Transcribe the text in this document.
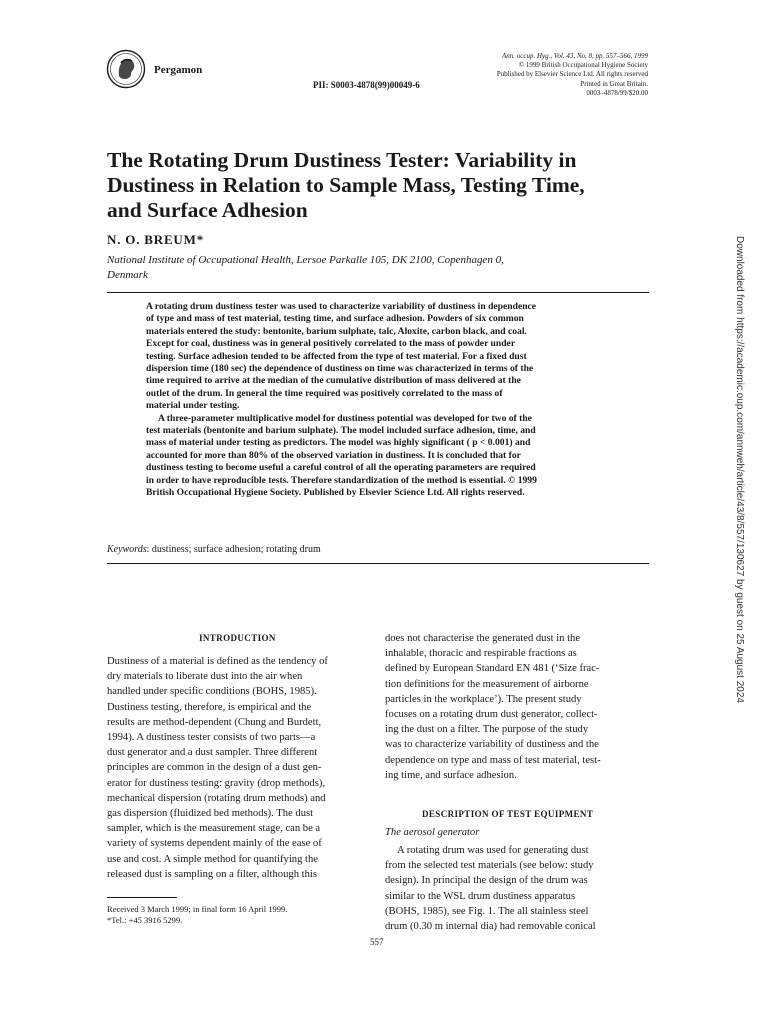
Pergamon
PII: S0003-4878(99)00049-6
Ann. occup. Hyg., Vol. 43, No. 8, pp. 557–566, 1999
© 1999 British Occupational Hygiene Society
Published by Elsevier Science Ltd. All rights reserved
Printed in Great Britain.
0003–4878/99/$20.00
The Rotating Drum Dustiness Tester: Variability in
Dustiness in Relation to Sample Mass, Testing Time,
and Surface Adhesion
N. O. BREUM*
National Institute of Occupational Health, Lersoe Parkalle 105, DK 2100, Copenhagen 0,
Denmark
A rotating drum dustiness tester was used to characterize variability of dustiness in dependence
of type and mass of test material, testing time, and surface adhesion. Powders of six common
materials entered the study: bentonite, barium sulphate, talc, Aloxite, carbon black, and coal.
Except for coal, dustiness was in general positively correlated to the mass of powder under
testing. Surface adhesion tended to be affected from the type of test material. For a fixed dust
dispersion time (180 sec) the dependence of dustiness on time was characterized in terms of the
time required to arrive at the median of the cumulative distribution of mass delivered at the
outlet of the drum. In general the time required was positively correlated to the mass of
material under testing.
A three-parameter multiplicative model for dustiness potential was developed for two of the
test materials (bentonite and barium sulphate). The model included surface adhesion, time, and
mass of material under testing as predictors. The model was highly significant ( p < 0.001) and
accounted for more than 80% of the observed variation in dustiness. It is concluded that for
dustiness testing to become useful a careful control of all the operating parameters are required
in order to have reproducible tests. Therefore standardization of the method is essential. © 1999
British Occupational Hygiene Society. Published by Elsevier Science Ltd. All rights reserved.
Keywords: dustiness; surface adhesion; rotating drum
INTRODUCTION
Dustiness of a material is defined as the tendency of
dry materials to liberate dust into the air when
handled under specific conditions (BOHS, 1985).
Dustiness testing, therefore, is empirical and the
results are method-dependent (Chung and Burdett,
1994). A dustiness tester consists of two parts—a
dust generator and a dust sampler. Three different
principles are common in the design of a dust gen-
erator for dustiness testing: gravity (drop methods),
mechanical dispersion (rotating drum methods) and
gas dispersion (fluidized bed methods). The dust
sampler, which is the measurement stage, can be a
variety of systems dependent mainly of the ease of
use and cost. A simple method for quantifying the
released dust is sampling on a filter, although this
does not characterise the generated dust in the
inhalable, thoracic and respirable fractions as
defined by European Standard EN 481 (‘Size frac-
tion definitions for the measurement of airborne
particles in the workplace’). The present study
focuses on a rotating drum dust generator, collect-
ing the dust on a filter. The purpose of the study
was to characterize variability of dustiness and the
dependence on type and mass of test material, test-
ing time, and surface adhesion.
DESCRIPTION OF TEST EQUIPMENT
The aerosol generator
A rotating drum was used for generating dust
from the selected test materials (see below: study
design). In principal the design of the drum was
similar to the WSL drum dustiness apparatus
(BOHS, 1985), see Fig. 1. The all stainless steel
drum (0.30 m internal dia) had removable conical
Received 3 March 1999; in final form 16 April 1999.
*Tel.: +45 3916 5299.
557
Downloaded from https://academic.oup.com/annweh/article/43/8/557/130627 by guest on 25 August 2024
